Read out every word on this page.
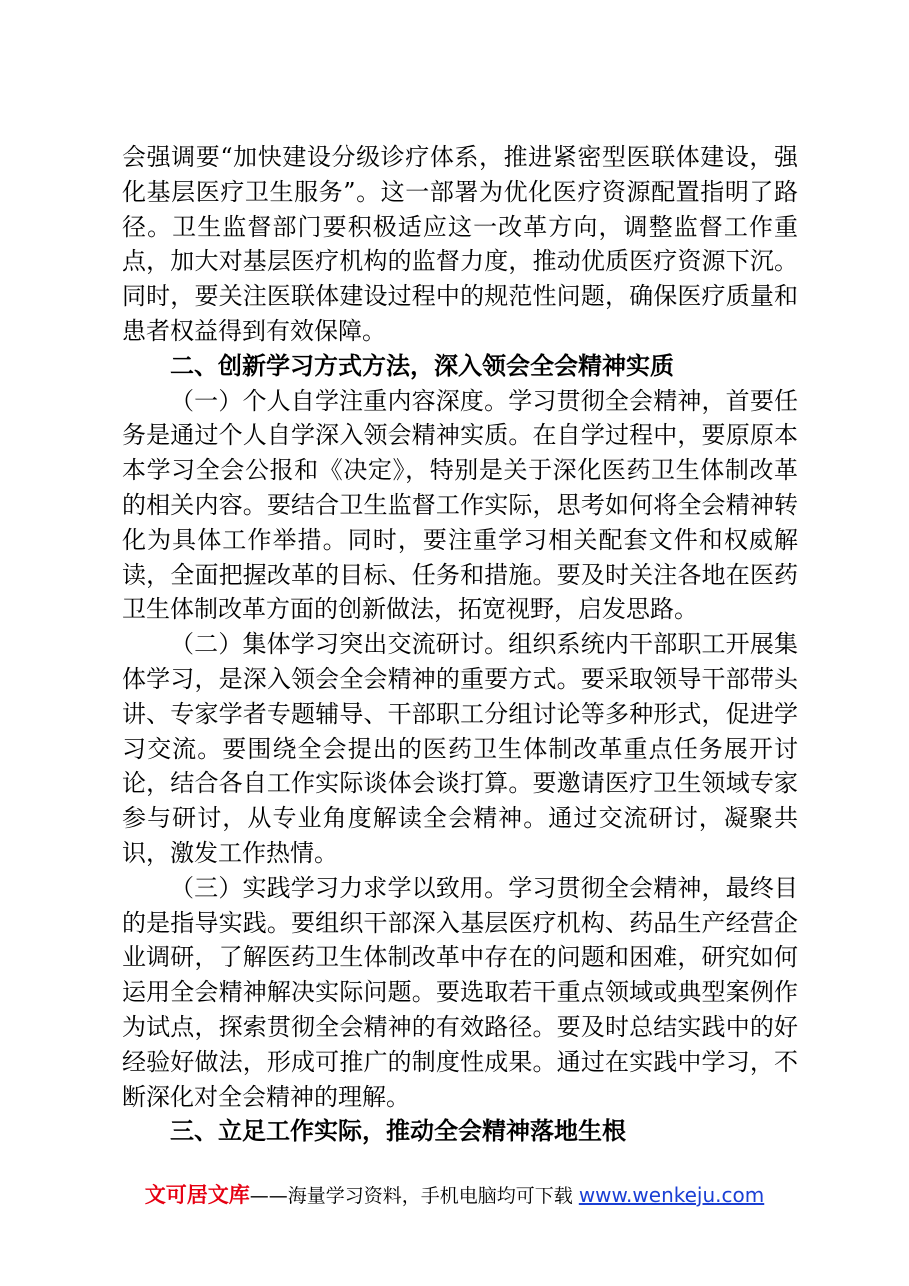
会强调要“加快建设分级诊疗体系，推进紧密型医联体建设，强化基层医疗卫生服务”。这一部署为优化医疗资源配置指明了路径。卫生监督部门要积极适应这一改革方向，调整监督工作重点，加大对基层医疗机构的监督力度，推动优质医疗资源下沉。同时，要关注医联体建设过程中的规范性问题，确保医疗质量和患者权益得到有效保障。

二、创新学习方式方法，深入领会全会精神实质

（一）个人自学注重内容深度。学习贯彻全会精神，首要任务是通过个人自学深入领会精神实质。在自学过程中，要原原本本学习全会公报和《决定》，特别是关于深化医药卫生体制改革的相关内容。要结合卫生监督工作实际，思考如何将全会精神转化为具体工作举措。同时，要注重学习相关配套文件和权威解读，全面把握改革的目标、任务和措施。要及时关注各地在医药卫生体制改革方面的创新做法，拓宽视野，启发思路。

（二）集体学习突出交流研讨。组织系统内干部职工开展集体学习，是深入领会全会精神的重要方式。要采取领导干部带头讲、专家学者专题辅导、干部职工分组讨论等多种形式，促进学习交流。要围绕全会提出的医药卫生体制改革重点任务展开讨论，结合各自工作实际谈体会谈打算。要邀请医疗卫生领域专家参与研讨，从专业角度解读全会精神。通过交流研讨，凝聚共识，激发工作热情。

（三）实践学习力求学以致用。学习贯彻全会精神，最终目的是指导实践。要组织干部深入基层医疗机构、药品生产经营企业调研，了解医药卫生体制改革中存在的问题和困难，研究如何运用全会精神解决实际问题。要选取若干重点领域或典型案例作为试点，探索贯彻全会精神的有效路径。要及时总结实践中的好经验好做法，形成可推广的制度性成果。通过在实践中学习，不断深化对全会精神的理解。

三、立足工作实际，推动全会精神落地生根

文可居文库——海量学习资料，手机电脑均可下载 www.wenkeju.com
